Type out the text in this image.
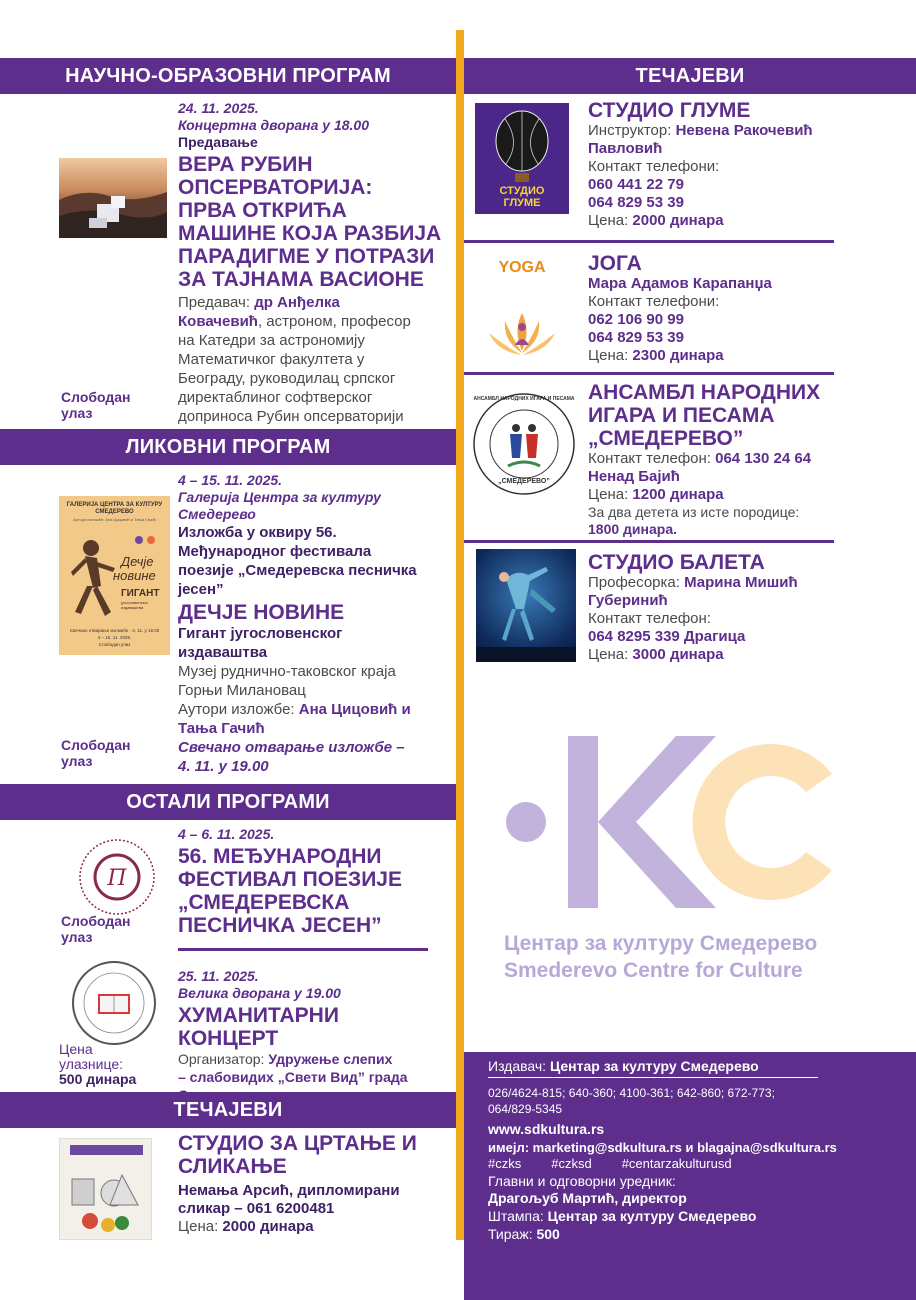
НАУЧНО-ОБРАЗОВНИ ПРОГРАМ
24. 11. 2025.
Концертна дворана у 18.00
Предавање
ВЕРА РУБИН
ОПСЕРВАТОРИЈА:
ПРВА ОТКРИЋА
МАШИНЕ КОЈА РАЗБИЈА
ПАРАДИГМЕ У ПОТРАЗИ
ЗА ТАЈНАМА ВАСИОНЕ
Предавач: др Анђелка
Ковачевић, астроном, професор
на Катедри за астрономију
Математичког факултета у
Београду, руководилац српског
директаблиног софтверског
доприноса Рубин опсерваторији
Слободан
улаз
ЛИКОВНИ ПРОГРАМ
ГАЛЕРИЈА ЦЕНТРА ЗА КУЛТУРУ
СМЕДЕРЕВО
Аутори изложбе: Ана Цицовић и Тања Гачић
Дечје
новине
ГИГАНТ
југословенског издаваштва
Свечано отварање изложбе - 4. 11. у 19.00
4 – 15. 11. 2025.
Слободан улаз
4 – 15. 11. 2025.
Галерија Центра за културу
Смедерево
Изложба у оквиру 56.
Међународног фестивала
поезије „Смедеревска песничка
јесен”
ДЕЧЈЕ НОВИНЕ
Гигант југословенског
издаваштва
Музеј руднично-таковског краја
Горњи Милановац
Аутори изложбе: Ана Цицовић и
Тања Гачић
Свечано отварање изложбе –
4. 11. у 19.00
Слободан
улаз
ОСТАЛИ ПРОГРАМИ
П
4 – 6. 11. 2025.
56. МЕЂУНАРОДНИ
ФЕСТИВАЛ ПОЕЗИЈЕ
„СМЕДЕРЕВСКА
ПЕСНИЧКА ЈЕСЕН”
Слободан
улаз
25. 11. 2025.
Велика дворана у 19.00
ХУМАНИТАРНИ
КОНЦЕРТ
Организатор: Удружење слепих
– слабовидих „Свети Вид” града
Цена
улазнице:
500 динара
ТЕЧАЈЕВИ
СТУДИО ЗА ЦРТАЊЕ И
СЛИКАЊЕ
Немања Арсић, дипломирани
сликар – 061 6200481
Цена: 2000 динара
ТЕЧАЈЕВИ
СТУДИО
ГЛУМЕ
СТУДИО ГЛУМЕ
Инструктор: Невена Ракочевић
Павловић
Контакт телефони:
060 441 22 79
064 829 53 39
Цена: 2000 динара
YOGA	ЈОГА
Мара Адамов Карапанџа
Контакт телефони:
062 106 90 99
064 829 53 39
Цена: 2300 динара
АНСАМБЛ НАРОДНИХ ИГАРА И ПЕСАМА
„СМЕДЕРЕВО”
АНСАМБЛ НАРОДНИХ
ИГАРА И ПЕСАМА
„СМЕДЕРЕВО”
Контакт телефон: 064 130 24 64
Ненад Бајић
Цена: 1200 динара
За два детета из исте породице:
1800 динара.
СТУДИО БАЛЕТА
Професорка: Марина Мишић
Губеринић
Контакт телефон:
064 8295 339 Драгица
Цена: 3000 динара
Центар за културу Смедерево
Smederevo Centre for Culture
Издавач: Центар за културу Смедерево
026/4624-815; 640-360; 4100-361; 642-860; 672-773;
064/829-5345
www.sdkultura.rs
имејл: marketing@sdkultura.rs и blagajna@sdkultura.rs
#czks #czksd #centarzakulturusd
Главни и одговорни уредник:
Драгољуб Мартић, директор
Штампа: Центар за културу Смедерево
Тираж: 500
